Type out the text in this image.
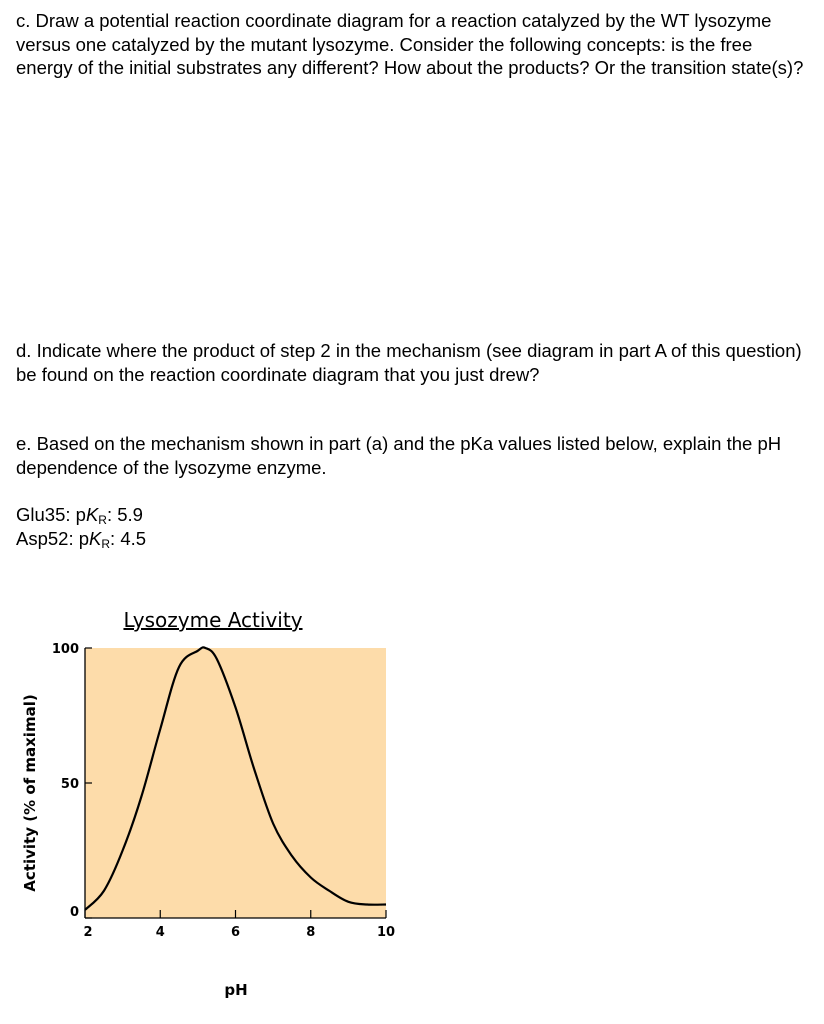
c. Draw a potential reaction coordinate diagram for a reaction catalyzed by the WT lysozyme versus one catalyzed by the mutant lysozyme. Consider the following concepts: is the free energy of the initial substrates any different? How about the products? Or the transition state(s)?

d. Indicate where the product of step 2 in the mechanism (see diagram in part A of this question) be found on the reaction coordinate diagram that you just drew?

e. Based on the mechanism shown in part (a) and the pKa values listed below, explain the pH dependence of the lysozyme enzyme.

Glu35: $pK_R$: 5.9
Asp52: $pK_R$: 4.5
Lysozyme Activity
2	4	6	8	10
0
50
100
pH
Activity (% of maximal)
